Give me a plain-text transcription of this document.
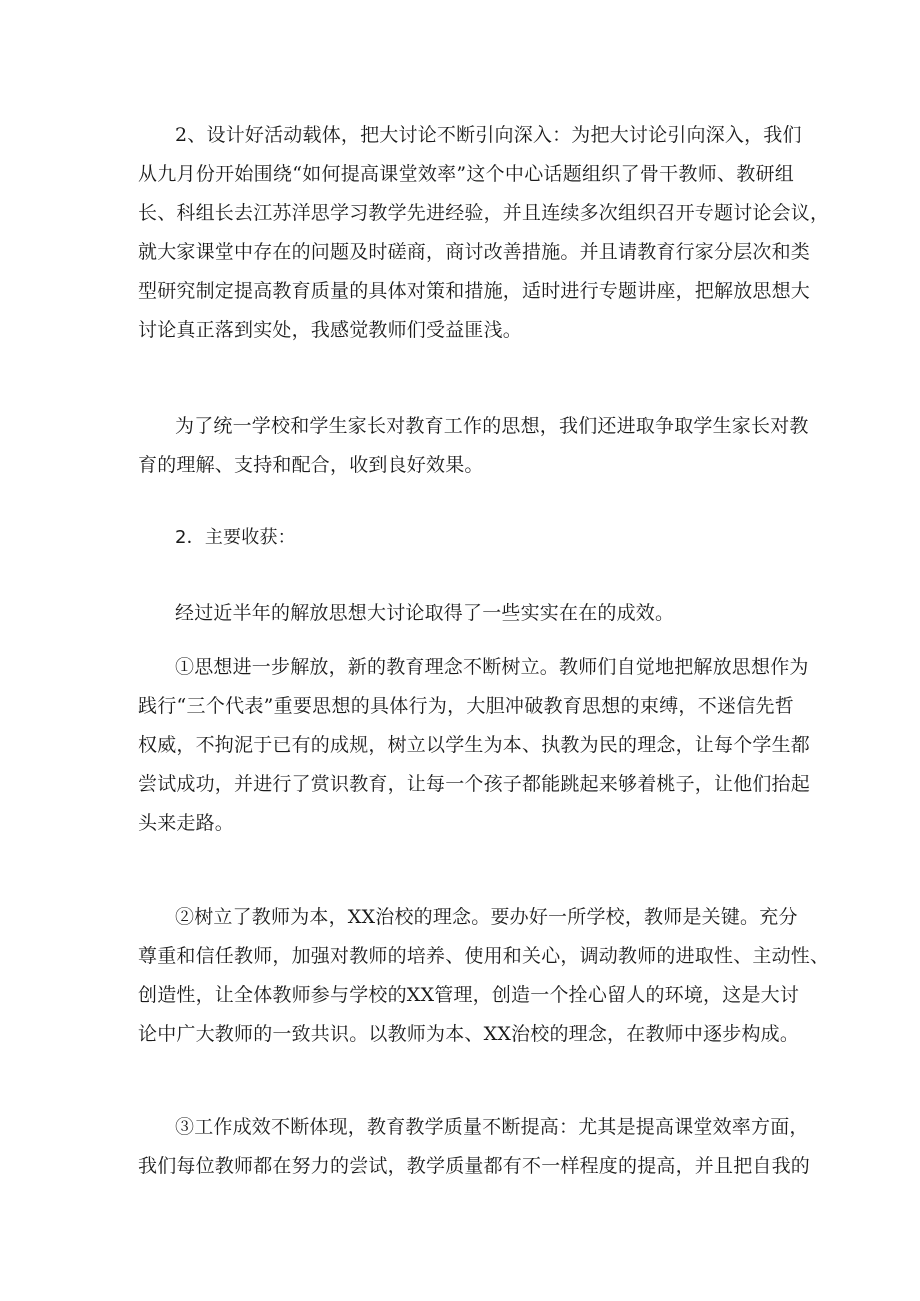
2、设计好活动载体，把大讨论不断引向深入：为把大讨论引向深入，我们
从九月份开始围绕“如何提高课堂效率”这个中心话题组织了骨干教师、教研组
长、科组长去江苏洋思学习教学先进经验，并且连续多次组织召开专题讨论会议，
就大家课堂中存在的问题及时磋商，商讨改善措施。并且请教育行家分层次和类
型研究制定提高教育质量的具体对策和措施，适时进行专题讲座，把解放思想大
讨论真正落到实处，我感觉教师们受益匪浅。
为了统一学校和学生家长对教育工作的思想，我们还进取争取学生家长对教
育的理解、支持和配合，收到良好效果。
2．主要收获：
经过近半年的解放思想大讨论取得了一些实实在在的成效。
①思想进一步解放，新的教育理念不断树立。教师们自觉地把解放思想作为
践行“三个代表”重要思想的具体行为，大胆冲破教育思想的束缚，不迷信先哲
权威，不拘泥于已有的成规，树立以学生为本、执教为民的理念，让每个学生都
尝试成功，并进行了赏识教育，让每一个孩子都能跳起来够着桃子，让他们抬起
头来走路。
②树立了教师为本，XX治校的理念。要办好一所学校，教师是关键。充分
尊重和信任教师，加强对教师的培养、使用和关心，调动教师的进取性、主动性、
创造性，让全体教师参与学校的XX管理，创造一个拴心留人的环境，这是大讨
论中广大教师的一致共识。以教师为本、XX治校的理念，在教师中逐步构成。
③工作成效不断体现，教育教学质量不断提高：尤其是提高课堂效率方面，
我们每位教师都在努力的尝试，教学质量都有不一样程度的提高，并且把自我的
